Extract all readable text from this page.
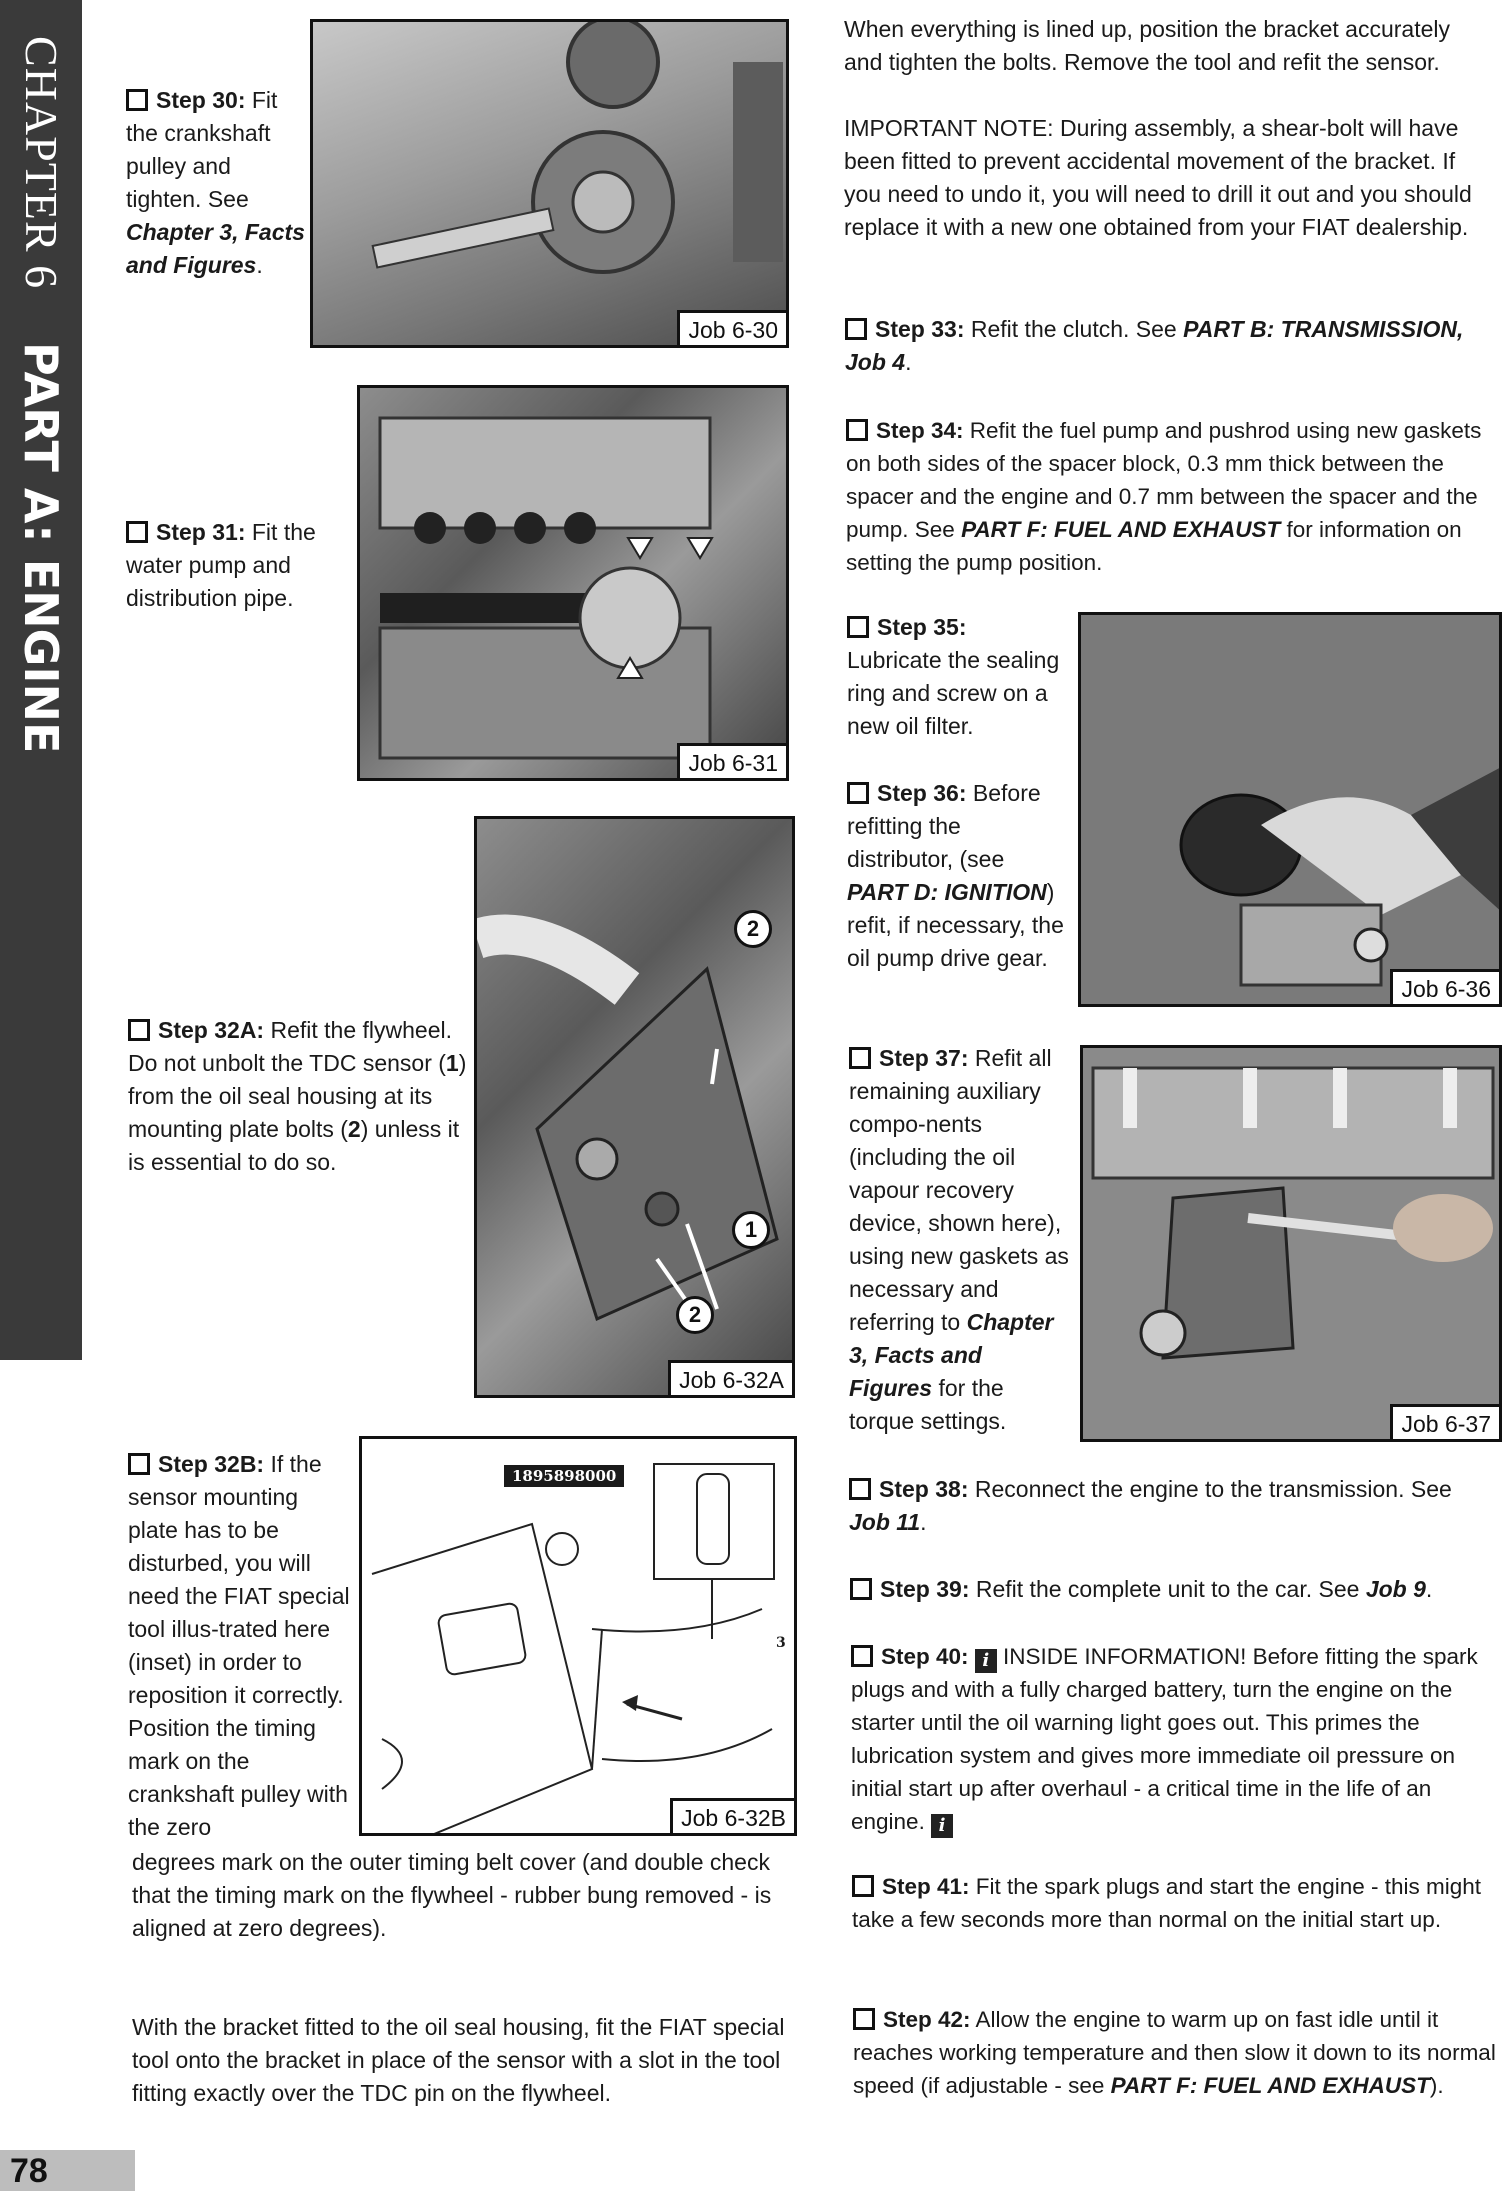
CHAPTER 6 PART A: ENGINE
Step 30: Fit the crankshaft pulley and tighten. See Chapter 3, Facts and Figures.
Job 6-30
Step 31: Fit the water pump and distribution pipe.
Job 6-31
Step 32A: Refit the flywheel. Do not unbolt the TDC sensor (1) from the oil seal housing at its mounting plate bolts (2) unless it is essential to do so.
2
1
2
Job 6-32A
Step 32B: If the sensor mounting plate has to be disturbed, you will need the FIAT special tool illus-trated here (inset) in order to reposition it correctly. Position the timing mark on the crankshaft pulley with the zero
1895898000
3
Job 6-32B
degrees mark on the outer timing belt cover (and double check that the timing mark on the flywheel - rubber bung removed - is aligned at zero degrees).
With the bracket fitted to the oil seal housing, fit the FIAT special tool onto the bracket in place of the sensor with a slot in the tool fitting exactly over the TDC pin on the flywheel.
When everything is lined up, position the bracket accurately and tighten the bolts. Remove the tool and refit the sensor.
IMPORTANT NOTE: During assembly, a shear-bolt will have been fitted to prevent accidental movement of the bracket. If you need to undo it, you will need to drill it out and you should replace it with a new one obtained from your FIAT dealership.
Step 33: Refit the clutch. See PART B: TRANSMISSION, Job 4.
Step 34: Refit the fuel pump and pushrod using new gaskets on both sides of the spacer block, 0.3 mm thick between the spacer and the engine and 0.7 mm between the spacer and the pump. See PART F: FUEL AND EXHAUST for information on setting the pump position.
Step 35: Lubricate the sealing ring and screw on a new oil filter.
Step 36: Before refitting the distributor, (see PART D: IGNITION) refit, if necessary, the oil pump drive gear.
Job 6-36
Step 37: Refit all remaining auxiliary compo-nents (including the oil vapour recovery device, shown here), using new gaskets as necessary and referring to Chapter 3, Facts and Figures for the torque settings.	Job 6-37
Step 38: Reconnect the engine to the transmission. See Job 11.
Step 39: Refit the complete unit to the car. See Job 9.
Step 40: i INSIDE INFORMATION! Before fitting the spark plugs and with a fully charged battery, turn the engine on the starter until the oil warning light goes out. This primes the lubrication system and gives more immediate oil pressure on initial start up after overhaul - a critical time in the life of an engine. i
Step 41: Fit the spark plugs and start the engine - this might take a few seconds more than normal on the initial start up.
Step 42: Allow the engine to warm up on fast idle until it reaches working temperature and then slow it down to its normal speed (if adjustable - see PART F: FUEL AND EXHAUST).
78
